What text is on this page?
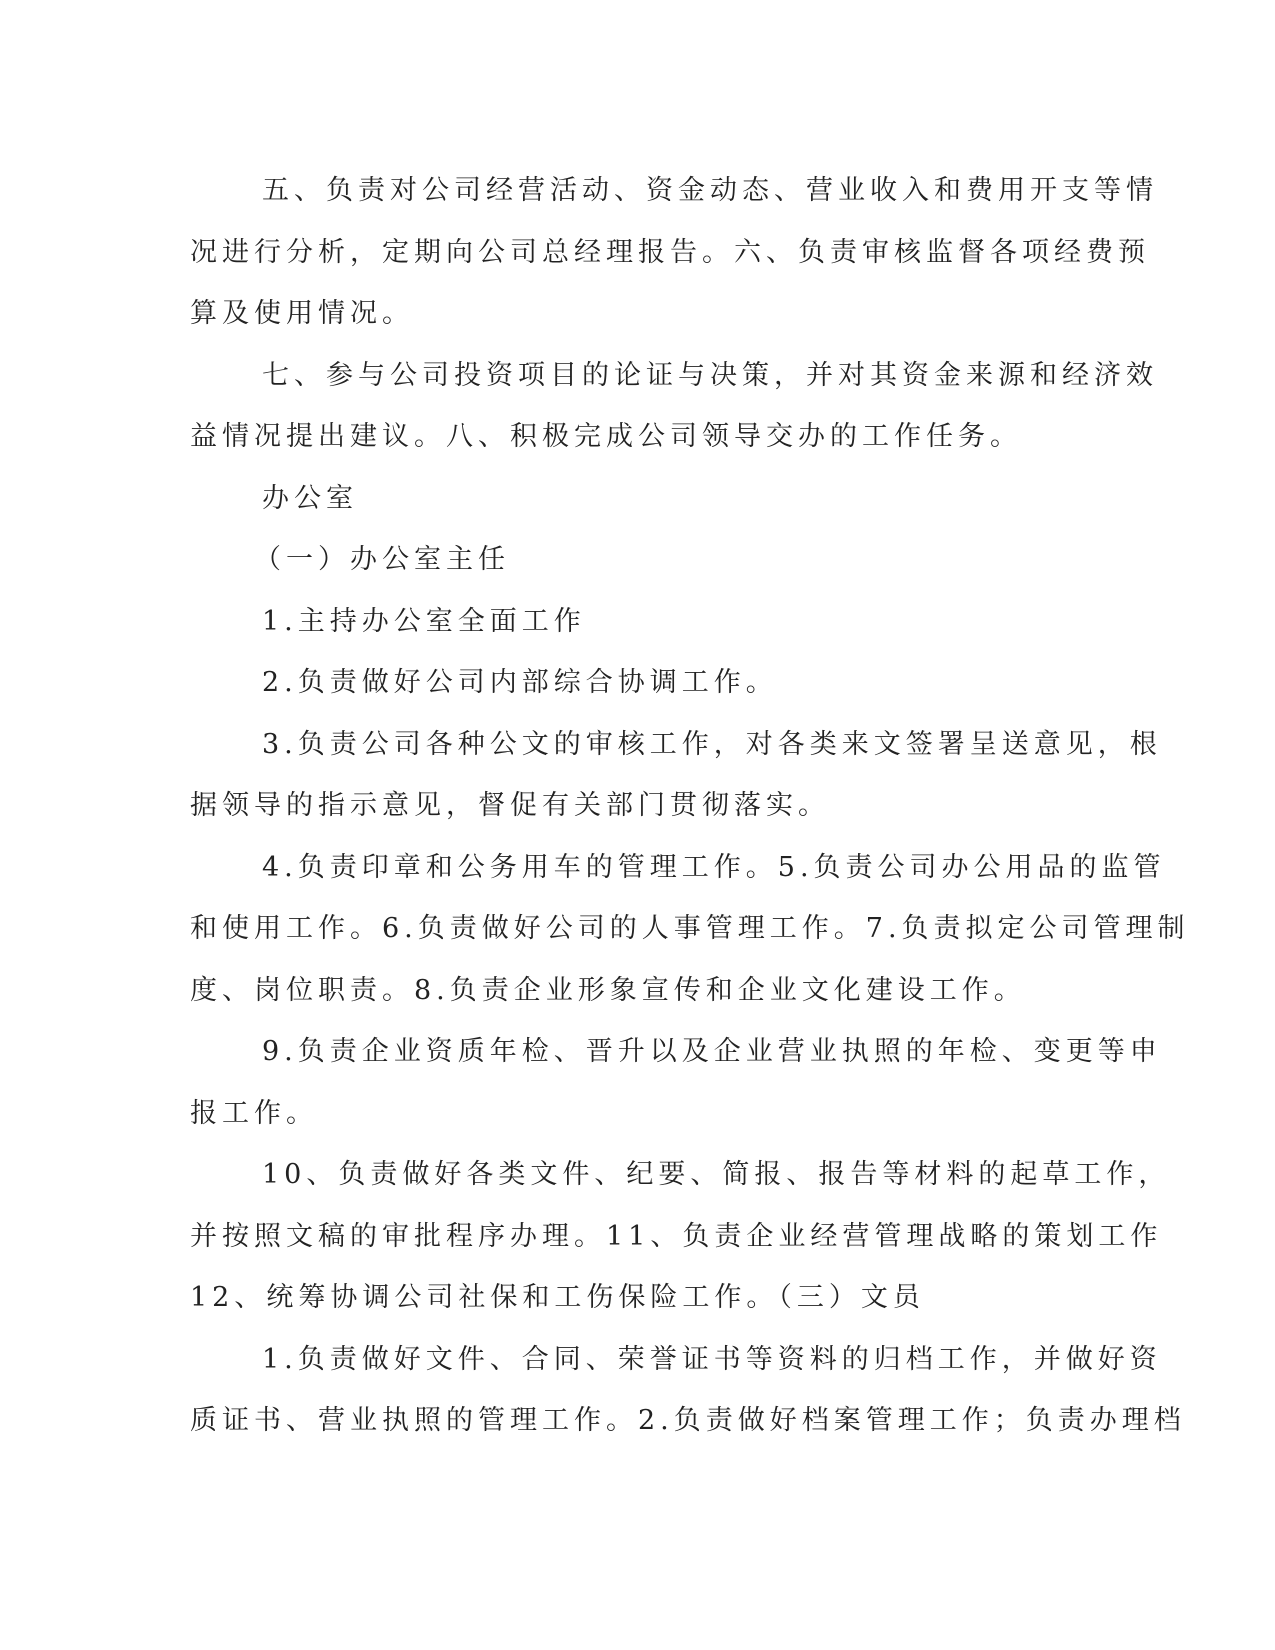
五、负责对公司经营活动、资金动态、营业收入和费用开支等情
况进行分析，定期向公司总经理报告。六、负责审核监督各项经费预
算及使用情况。
七、参与公司投资项目的论证与决策，并对其资金来源和经济效
益情况提出建议。八、积极完成公司领导交办的工作任务。
办公室
（一）办公室主任
1.主持办公室全面工作
2.负责做好公司内部综合协调工作。
3.负责公司各种公文的审核工作，对各类来文签署呈送意见，根
据领导的指示意见，督促有关部门贯彻落实。
4.负责印章和公务用车的管理工作。5.负责公司办公用品的监管
和使用工作。6.负责做好公司的人事管理工作。7.负责拟定公司管理制
度、岗位职责。8.负责企业形象宣传和企业文化建设工作。
9.负责企业资质年检、晋升以及企业营业执照的年检、变更等申
报工作。
10、负责做好各类文件、纪要、简报、报告等材料的起草工作，
并按照文稿的审批程序办理。11、负责企业经营管理战略的策划工作
12、统筹协调公司社保和工伤保险工作。（三）文员
1.负责做好文件、合同、荣誉证书等资料的归档工作，并做好资
质证书、营业执照的管理工作。2.负责做好档案管理工作；负责办理档
